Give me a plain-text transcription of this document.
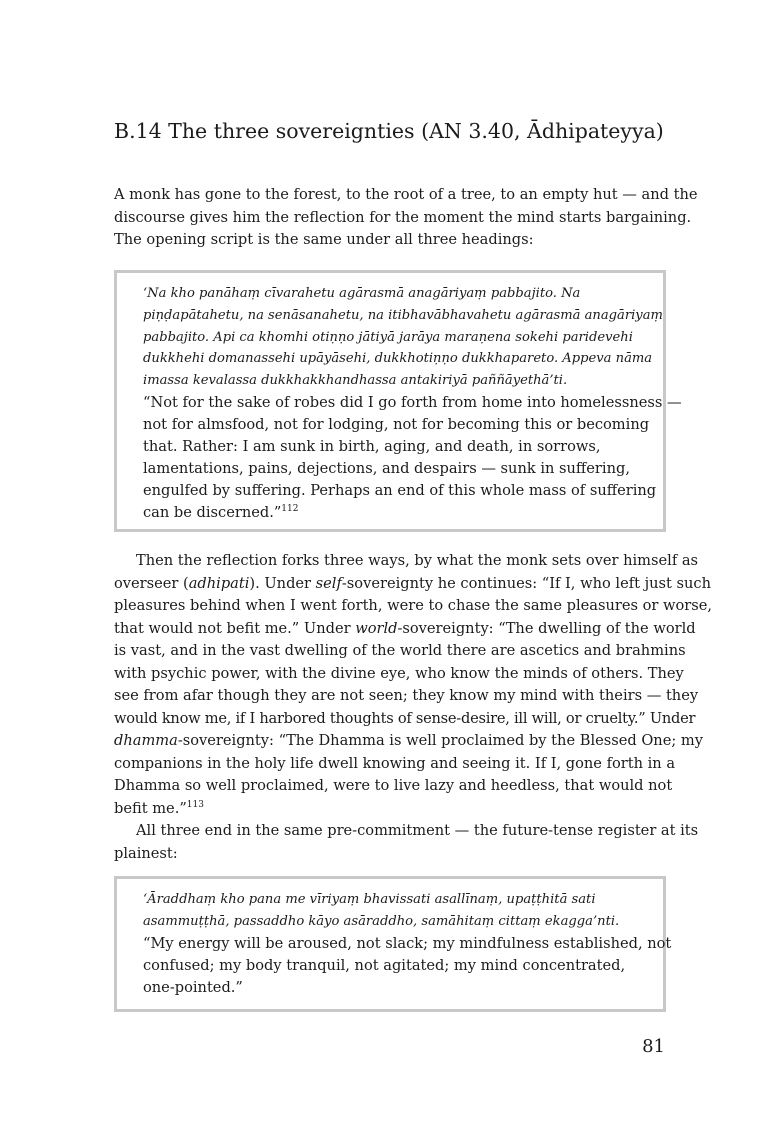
B.14 The three sovereignties (AN 3.40, Ādhipateyya)
A monk has gone to the forest, to the root of a tree, to an empty hut — and the
discourse gives him the reflection for the moment the mind starts bargaining.
The opening script is the same under all three headings:
‘Na kho panāhaṃ cīvarahetu agārasmā anagāriyaṃ pabbajito. Na
piṇḍapātahetu, na senāsanahetu, na itibhavābhavahetu agārasmā anagāriyaṃ
pabbajito. Api ca khomhi otiṇṇo jātiyā jarāya maraṇena sokehi paridevehi
dukkhehi domanassehi upāyāsehi, dukkhotiṇṇo dukkhapareto. Appeva nāma
imassa kevalassa dukkhakkhandhassa antakiriyā paññāyethā’ti.
“Not for the sake of robes did I go forth from home into homelessness —
not for almsfood, not for lodging, not for becoming this or becoming
that. Rather: I am sunk in birth, aging, and death, in sorrows,
lamentations, pains, dejections, and despairs — sunk in suffering,
engulfed by suffering. Perhaps an end of this whole mass of suffering
can be discerned.”$^{112}$
Then the reflection forks three ways, by what the monk sets over himself as
overseer (adhipati). Under self-sovereignty he continues: “If I, who left just such
pleasures behind when I went forth, were to chase the same pleasures or worse,
that would not befit me.” Under world-sovereignty: “The dwelling of the world
is vast, and in the vast dwelling of the world there are ascetics and brahmins
with psychic power, with the divine eye, who know the minds of others. They
see from afar though they are not seen; they know my mind with theirs — they
would know me, if I harbored thoughts of sense-desire, ill will, or cruelty.” Under
dhamma-sovereignty: “The Dhamma is well proclaimed by the Blessed One; my
companions in the holy life dwell knowing and seeing it. If I, gone forth in a
Dhamma so well proclaimed, were to live lazy and heedless, that would not
befit me.”$^{113}$
All three end in the same pre-commitment — the future-tense register at its
plainest:
‘Āraddhaṃ kho pana me vīriyaṃ bhavissati asallīnaṃ, upaṭṭhitā sati
asammuṭṭhā, passaddho kāyo asāraddho, samāhitaṃ cittaṃ ekagga’nti.
“My energy will be aroused, not slack; my mindfulness established, not
confused; my body tranquil, not agitated; my mind concentrated,
one-pointed.”
81
